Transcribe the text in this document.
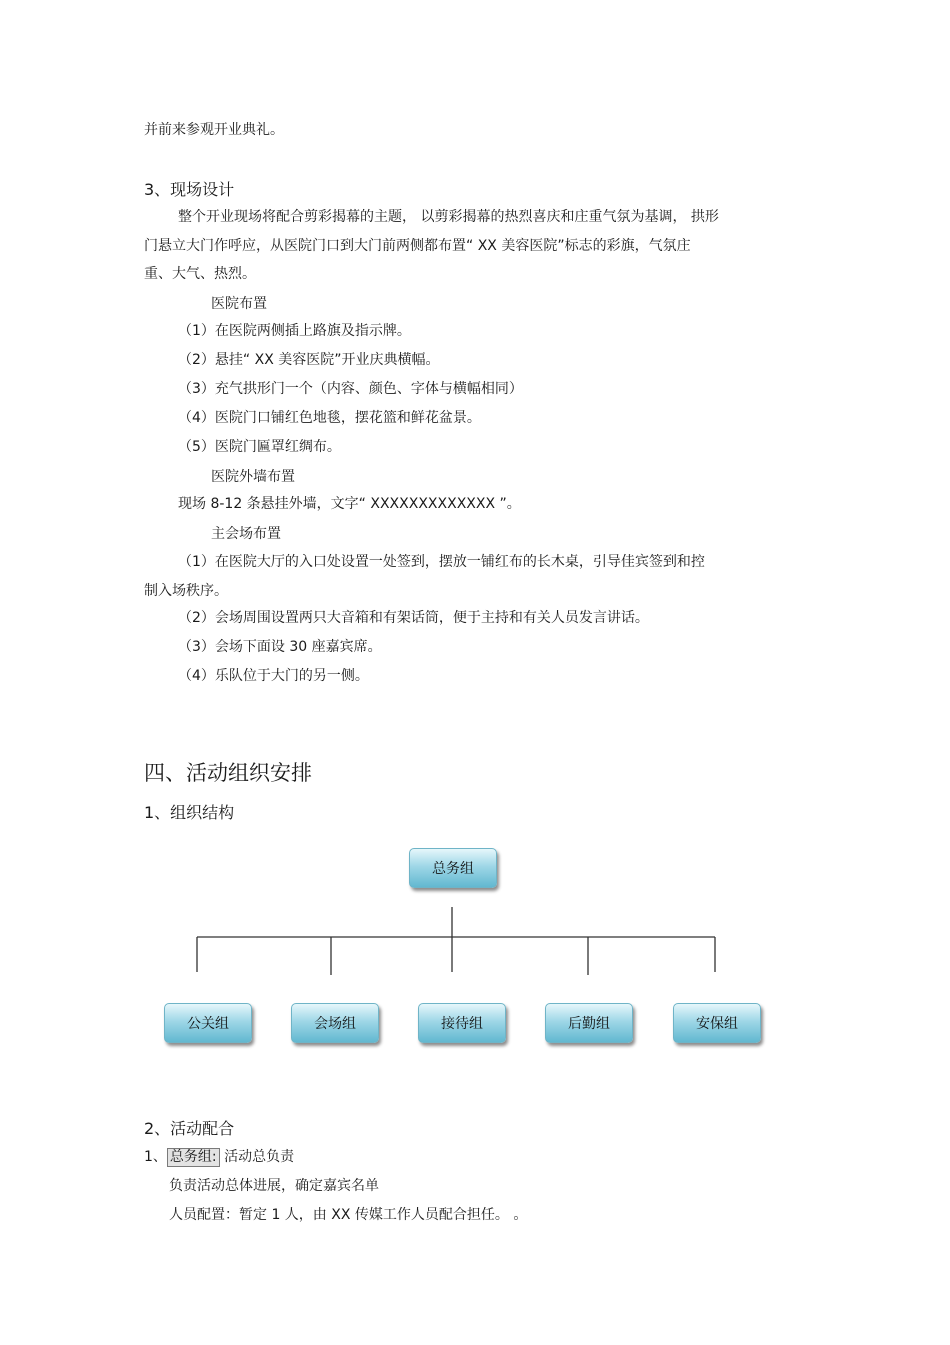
并前来参观开业典礼。
3、现场设计
整个开业现场将配合剪彩揭幕的主题， 以剪彩揭幕的热烈喜庆和庄重气氛为基调， 拱形
门悬立大门作呼应，从医院门口到大门前两侧都布置“ XX 美容医院”标志的彩旗，气氛庄
重、大气、热烈。
医院布置
（1）在医院两侧插上路旗及指示牌。
（2）悬挂“ XX 美容医院”开业庆典横幅。
（3）充气拱形门一个（内容、颜色、字体与横幅相同）
（4）医院门口铺红色地毯，摆花篮和鲜花盆景。
（5）医院门匾罩红绸布。
医院外墙布置
现场 8-12 条悬挂外墙，文字“ XXXXXXXXXXXXX ”。
主会场布置
（1）在医院大厅的入口处设置一处签到，摆放一铺红布的长木桌，引导佳宾签到和控
制入场秩序。
（2）会场周围设置两只大音箱和有架话筒，便于主持和有关人员发言讲话。
（3）会场下面设 30 座嘉宾席。
（4）乐队位于大门的另一侧。
四、活动组织安排
1、组织结构
总务组
公关组	会场组	接待组	后勤组	安保组
2、活动配合
1、 总务组: 活动总负责
负责活动总体进展，确定嘉宾名单
人员配置：暂定 1 人，由 XX 传媒工作人员配合担任。 。
